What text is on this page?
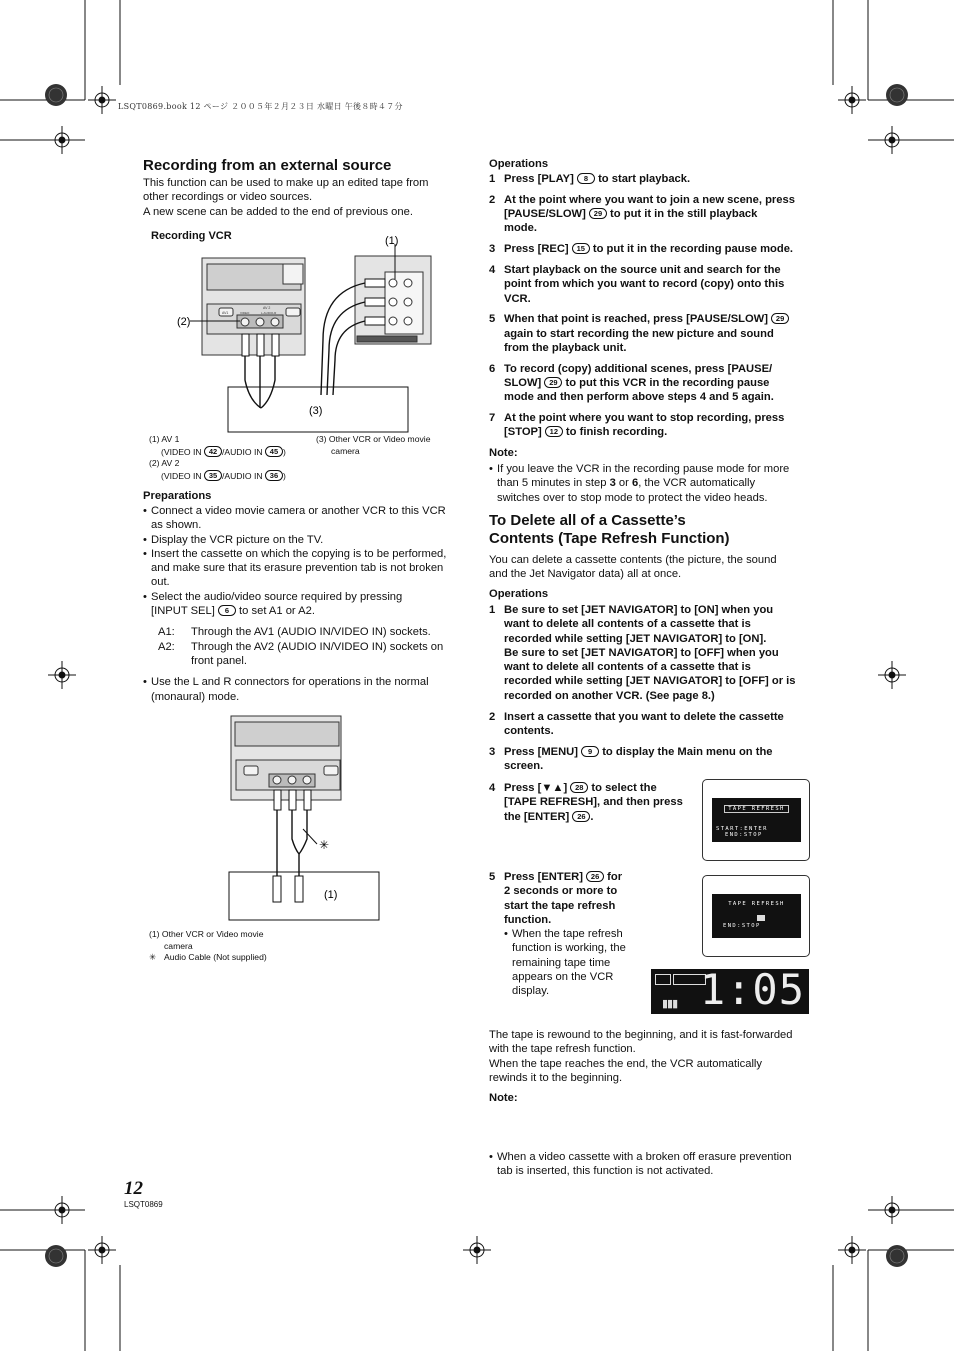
LSQT0869.book 12 ページ ２００５年２月２３日 水曜日 午後８時４７分
Recording from an external source
This function can be used to make up an edited tape from
other recordings or video sources.
A new scene can be added to the end of previous one.
Recording VCR
AV 2
VIDEO	L-AUDIO-R
AV1
(1)
(2)
(3)
(1) AV 1
(VIDEO IN 42 /AUDIO IN 45 )
(2) AV 2
(VIDEO IN 35 /AUDIO IN 36 )
(3) Other VCR or Video movie
camera
Preparations
• Connect a video movie camera or another VCR to this VCR
as shown.
• Display the VCR picture on the TV.
• Insert the cassette on which the copying is to be performed,
and make sure that its erasure prevention tab is not broken
out.
• Select the audio/video source required by pressing
[INPUT SEL] 6 to set A1 or A2.
A1: Through the AV1 (AUDIO IN/VIDEO IN) sockets.
A2: Through the AV2 (AUDIO IN/VIDEO IN) sockets on
front panel.
• Use the L and R connectors for operations in the normal
(monaural) mode.
✳
(1)
(1) Other VCR or Video movie
camera
✳ Audio Cable (Not supplied)
12
LSQT0869
Operations
1 Press [PLAY] 8 to start playback.
2 At the point where you want to join a new scene, press
[PAUSE/SLOW] 29 to put it in the still playback
mode.
3 Press [REC] 15 to put it in the recording pause mode.
4 Start playback on the source unit and search for the
point from which you want to record (copy) onto this
VCR.
5 When that point is reached, press [PAUSE/SLOW] 29
again to start recording the new picture and sound
from the playback unit.
6 To record (copy) additional scenes, press [PAUSE/
SLOW] 29 to put this VCR in the recording pause
mode and then perform above steps 4 and 5 again.
7 At the point where you want to stop recording, press
[STOP] 12 to finish recording.
Note:
• If you leave the VCR in the recording pause mode for more
than 5 minutes in step 3 or 6, the VCR automatically
switches over to stop mode to protect the video heads.
To Delete all of a Cassette’s
Contents (Tape Refresh Function)
You can delete a cassette contents (the picture, the sound
and the Jet Navigator data) all at once.
Operations
1 Be sure to set [JET NAVIGATOR] to [ON] when you
want to delete all contents of a cassette that is
recorded while setting [JET NAVIGATOR] to [ON].
Be sure to set [JET NAVIGATOR] to [OFF] when you
want to delete all contents of a cassette that is
recorded while setting [JET NAVIGATOR] to [OFF] or is
recorded on another VCR. (See page 8.)
2 Insert a cassette that you want to delete the cassette
contents.
3 Press [MENU] 9 to display the Main menu on the
screen.
4 Press [▼▲] 28 to select the
[TAPE REFRESH], and then press
the [ENTER] 26 .
5 Press [ENTER] 26 for
2 seconds or more to
start the tape refresh
function.
• When the tape refresh
function is working, the
remaining tape time
appears on the VCR
display.
TAPE REFRESH
START:ENTER
END:STOP
TAPE REFRESH
END:STOP
▮▮▮ 1:05
The tape is rewound to the beginning, and it is fast-forwarded
with the tape refresh function.
When the tape reaches the end, the VCR automatically
rewinds it to the beginning.
Note:
• When a video cassette with a broken off erasure prevention
tab is inserted, this function is not activated.
